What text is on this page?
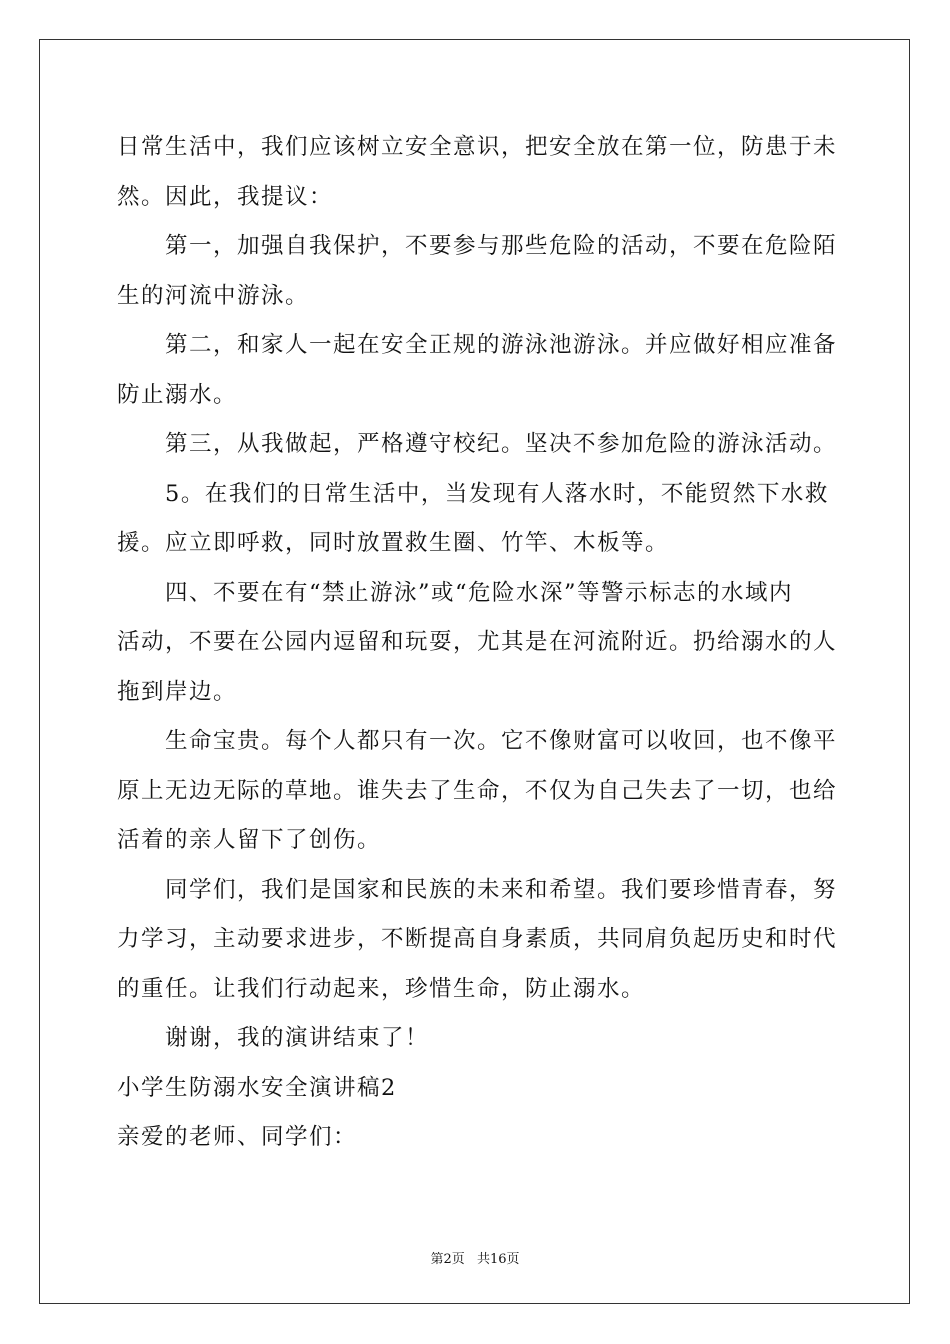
日常生活中，我们应该树立安全意识，把安全放在第一位，防患于未
然。因此，我提议：
第一，加强自我保护，不要参与那些危险的活动，不要在危险陌
生的河流中游泳。
第二，和家人一起在安全正规的游泳池游泳。并应做好相应准备
防止溺水。
第三，从我做起，严格遵守校纪。坚决不参加危险的游泳活动。
5。在我们的日常生活中，当发现有人落水时，不能贸然下水救
援。应立即呼救，同时放置救生圈、竹竿、木板等。
四、不要在有“禁止游泳”或“危险水深”等警示标志的水域内
活动，不要在公园内逗留和玩耍，尤其是在河流附近。扔给溺水的人
拖到岸边。
生命宝贵。每个人都只有一次。它不像财富可以收回，也不像平
原上无边无际的草地。谁失去了生命，不仅为自己失去了一切，也给
活着的亲人留下了创伤。
同学们，我们是国家和民族的未来和希望。我们要珍惜青春，努
力学习，主动要求进步，不断提高自身素质，共同肩负起历史和时代
的重任。让我们行动起来，珍惜生命，防止溺水。
谢谢，我的演讲结束了！
小学生防溺水安全演讲稿2
亲爱的老师、同学们：
第2页 共16页
